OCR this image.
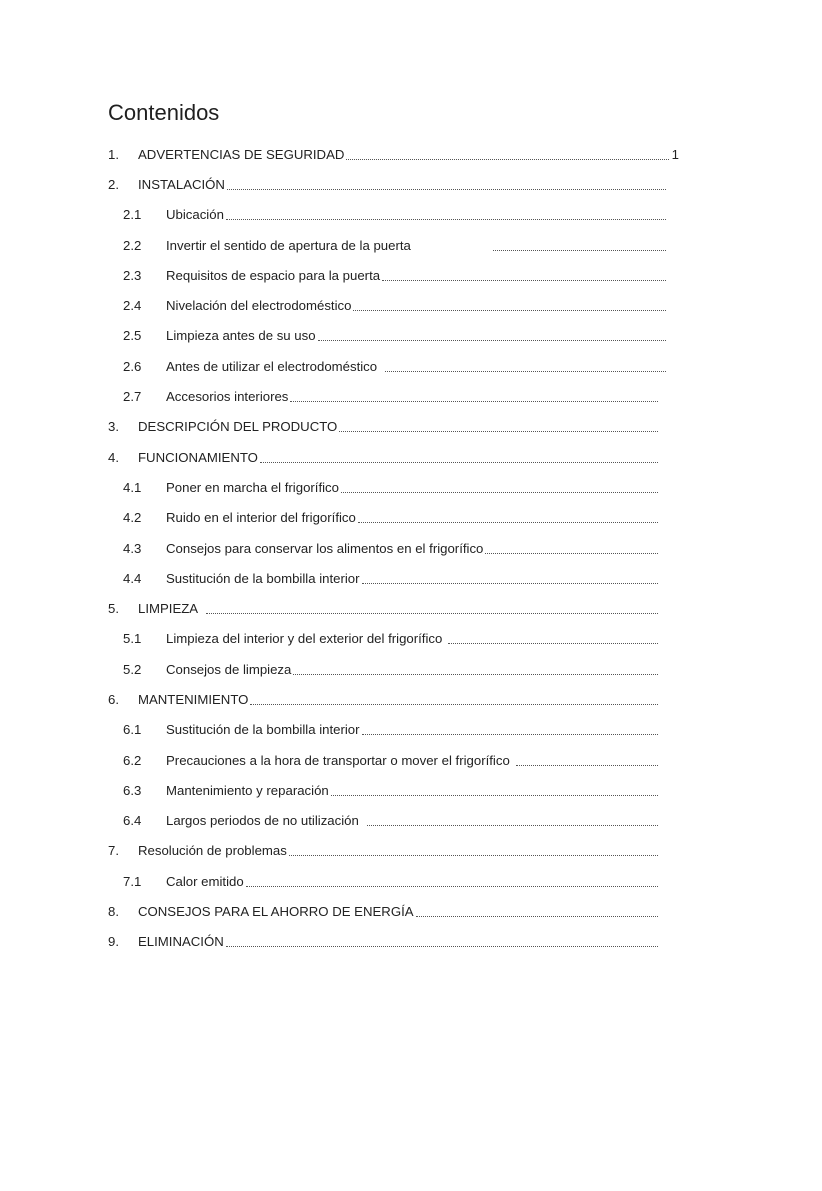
Contenidos
1.	ADVERTENCIAS DE SEGURIDAD	1
2.	INSTALACIÓN
2.1	Ubicación
2.2	Invertir el sentido de apertura de la puerta
2.3	Requisitos de espacio para la puerta
2.4	Nivelación del electrodoméstico
2.5	Limpieza antes de su uso
2.6	Antes de utilizar el electrodoméstico
2.7	Accesorios interiores
3.	DESCRIPCIÓN DEL PRODUCTO
4.	FUNCIONAMIENTO
4.1	Poner en marcha el frigorífico
4.2	Ruido en el interior del frigorífico
4.3	Consejos para conservar los alimentos en el frigorífico
4.4	Sustitución de la bombilla interior
5.	LIMPIEZA
5.1	Limpieza del interior y del exterior del frigorífico
5.2	Consejos de limpieza
6.	MANTENIMIENTO
6.1	Sustitución de la bombilla interior
6.2	Precauciones a la hora de transportar o mover el frigorífico
6.3	Mantenimiento y reparación
6.4	Largos periodos de no utilización
7.	Resolución de problemas
7.1	Calor emitido
8.	CONSEJOS PARA EL AHORRO DE ENERGÍA
9.	ELIMINACIÓN
